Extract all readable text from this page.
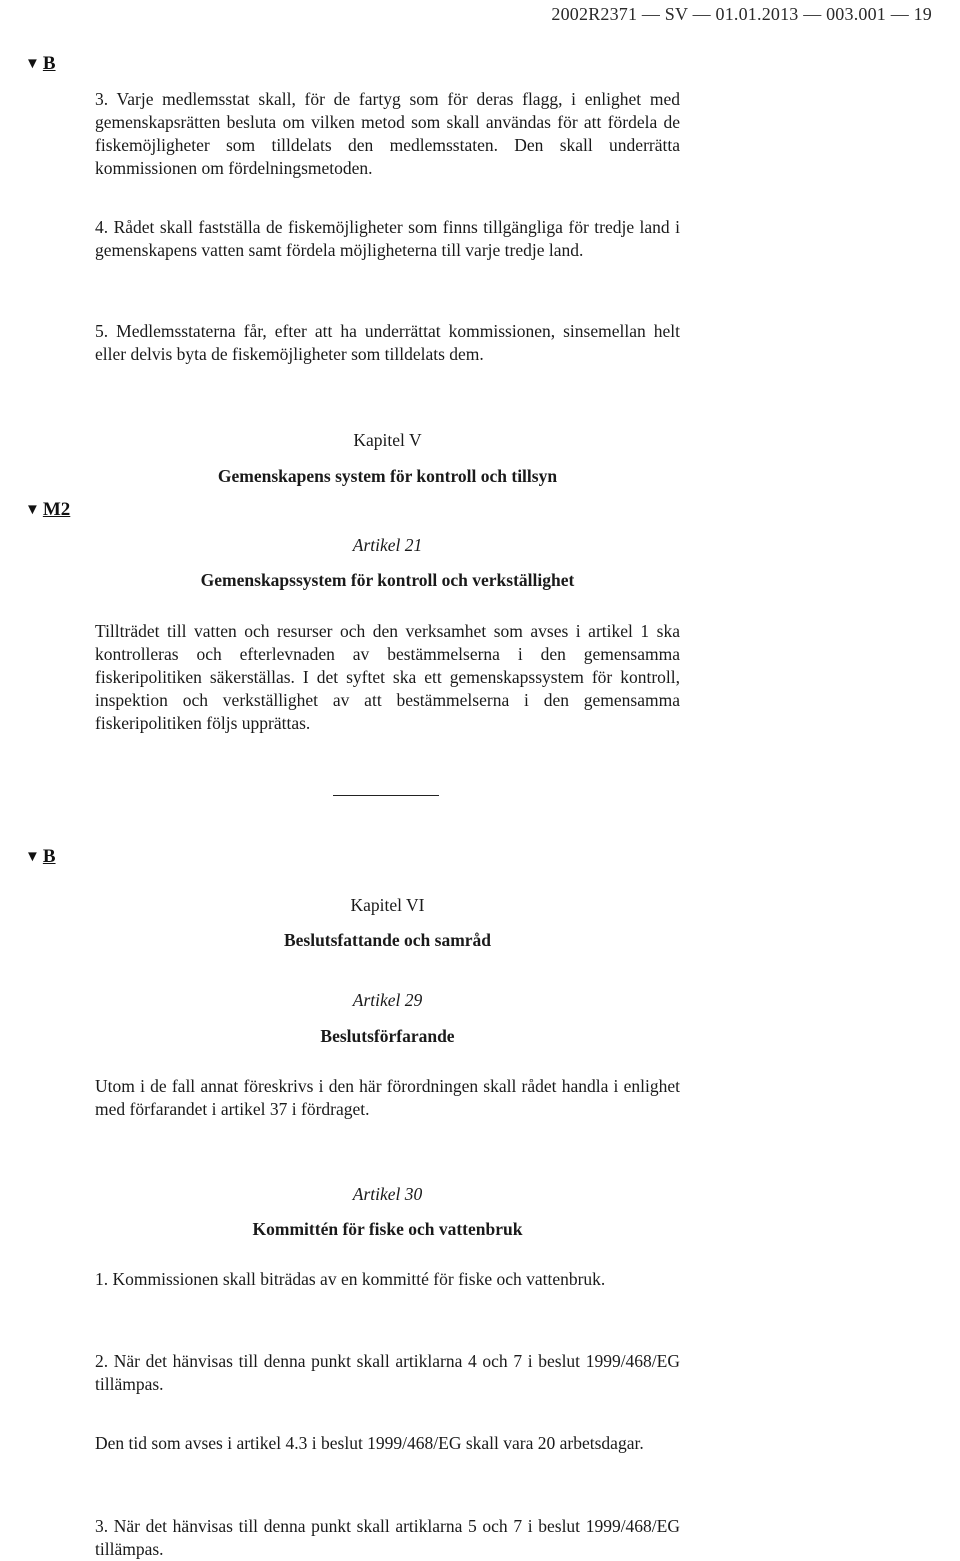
2002R2371 — SV — 01.01.2013 — 003.001 — 19
▼ B

3. Varje medlemsstat skall, för de fartyg som för deras flagg, i enlighet med gemenskapsrätten besluta om vilken metod som skall användas för att fördela de fiskemöjligheter som tilldelats den medlemsstaten. Den skall underrätta kommissionen om fördelningsmetoden.

4. Rådet skall fastställa de fiskemöjligheter som finns tillgängliga för tredje land i gemenskapens vatten samt fördela möjligheterna till varje tredje land.

5. Medlemsstaterna får, efter att ha underrättat kommissionen, sinsemellan helt eller delvis byta de fiskemöjligheter som tilldelats dem.

Kapitel V
Gemenskapens system för kontroll och tillsyn
▼ M2
Artikel 21
Gemenskapssystem för kontroll och verkställighet

Tillträdet till vatten och resurser och den verksamhet som avses i artikel 1 ska kontrolleras och efterlevnaden av bestämmelserna i den gemensamma fiskeripolitiken säkerställas. I det syftet ska ett gemenskapssystem för kontroll, inspektion och verkställighet av att bestämmelserna i den gemensamma fiskeripolitiken följs upprättas.

▼ B
Kapitel VI
Beslutsfattande och samråd
Artikel 29
Beslutsförfarande

Utom i de fall annat föreskrivs i den här förordningen skall rådet handla i enlighet med förfarandet i artikel 37 i fördraget.

Artikel 30
Kommittén för fiske och vattenbruk

1. Kommissionen skall biträdas av en kommitté för fiske och vattenbruk.

2. När det hänvisas till denna punkt skall artiklarna 4 och 7 i beslut 1999/468/EG tillämpas.

Den tid som avses i artikel 4.3 i beslut 1999/468/EG skall vara 20 arbetsdagar.

3. När det hänvisas till denna punkt skall artiklarna 5 och 7 i beslut 1999/468/EG tillämpas.
